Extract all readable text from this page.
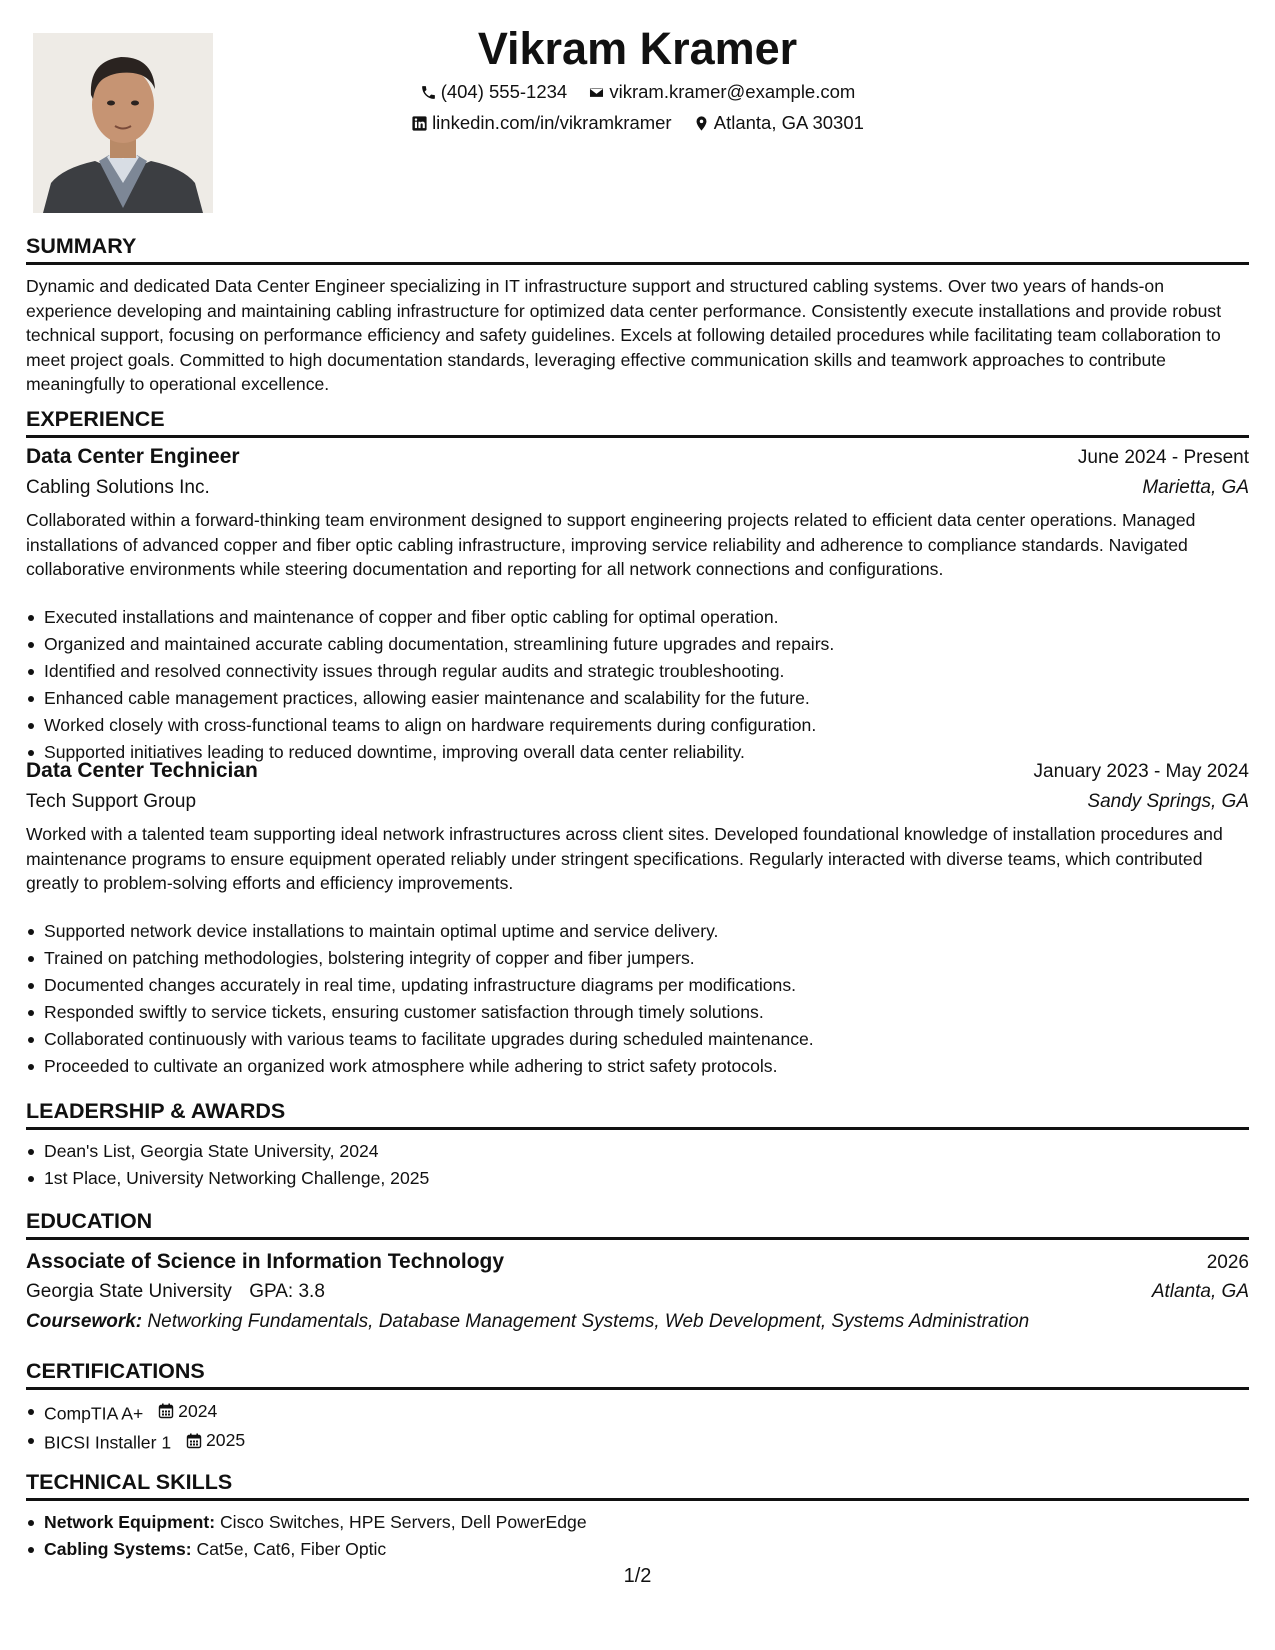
Vikram Kramer
(404) 555-1234
vikram.kramer@example.com
linkedin.com/in/vikramkramer
Atlanta, GA 30301
SUMMARY

Dynamic and dedicated Data Center Engineer specializing in IT infrastructure support and structured cabling systems. Over two years of hands-on experience developing and maintaining cabling infrastructure for optimized data center performance. Consistently execute installations and provide robust technical support, focusing on performance efficiency and safety guidelines. Excels at following detailed procedures while facilitating team collaboration to meet project goals. Committed to high documentation standards, leveraging effective communication skills and teamwork approaches to contribute meaningfully to operational excellence.

EXPERIENCE
Data Center Engineer	June 2024 - Present
Cabling Solutions Inc.	Marietta, GA

Collaborated within a forward-thinking team environment designed to support engineering projects related to efficient data center operations. Managed installations of advanced copper and fiber optic cabling infrastructure, improving service reliability and adherence to compliance standards. Navigated collaborative environments while steering documentation and reporting for all network connections and configurations.

Executed installations and maintenance of copper and fiber optic cabling for optimal operation.
Organized and maintained accurate cabling documentation, streamlining future upgrades and repairs.
Identified and resolved connectivity issues through regular audits and strategic troubleshooting.
Enhanced cable management practices, allowing easier maintenance and scalability for the future.
Worked closely with cross-functional teams to align on hardware requirements during configuration.
Supported initiatives leading to reduced downtime, improving overall data center reliability.
Data Center Technician	January 2023 - May 2024
Tech Support Group	Sandy Springs, GA

Worked with a talented team supporting ideal network infrastructures across client sites. Developed foundational knowledge of installation procedures and maintenance programs to ensure equipment operated reliably under stringent specifications. Regularly interacted with diverse teams, which contributed greatly to problem-solving efforts and efficiency improvements.

Supported network device installations to maintain optimal uptime and service delivery.
Trained on patching methodologies, bolstering integrity of copper and fiber jumpers.
Documented changes accurately in real time, updating infrastructure diagrams per modifications.
Responded swiftly to service tickets, ensuring customer satisfaction through timely solutions.
Collaborated continuously with various teams to facilitate upgrades during scheduled maintenance.
Proceeded to cultivate an organized work atmosphere while adhering to strict safety protocols.
LEADERSHIP & AWARDS
Dean's List, Georgia State University, 2024
1st Place, University Networking Challenge, 2025
EDUCATION
Associate of Science in Information Technology	2026
Georgia State University GPA: 3.8	Atlanta, GA
Coursework: Networking Fundamentals, Database Management Systems, Web Development, Systems Administration
CERTIFICATIONS
CompTIA A+ 2024
BICSI Installer 1 2025
TECHNICAL SKILLS
Network Equipment: Cisco Switches, HPE Servers, Dell PowerEdge
Cabling Systems: Cat5e, Cat6, Fiber Optic
1/2
